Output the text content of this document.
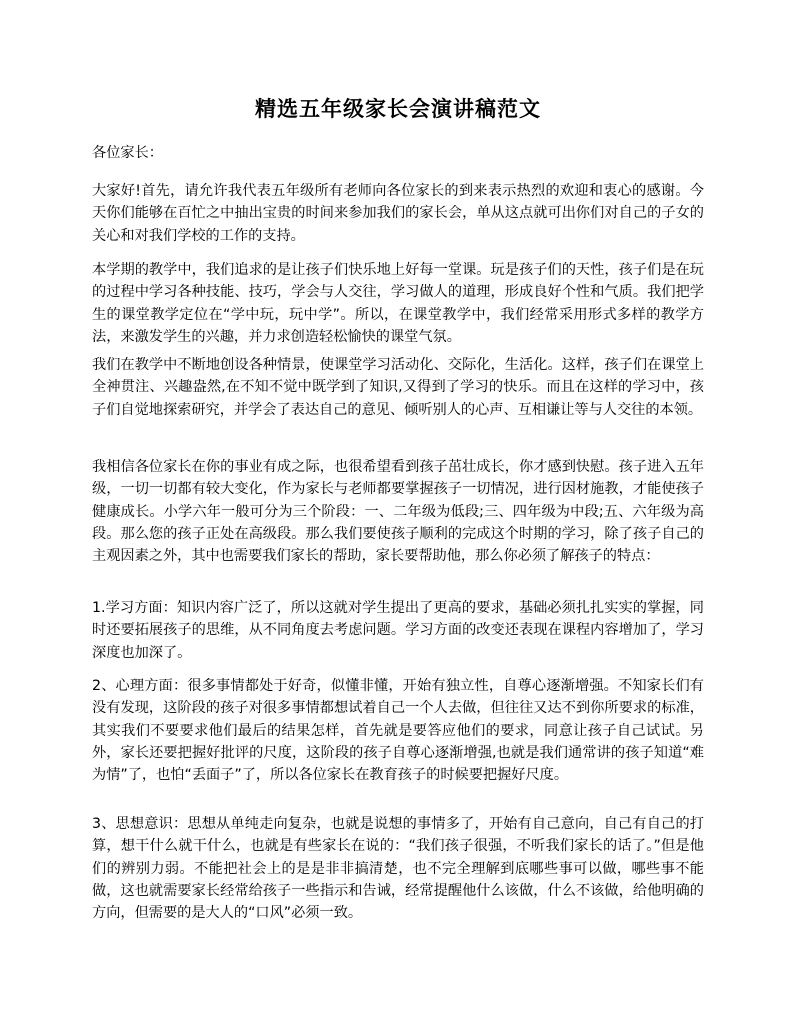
精选五年级家长会演讲稿范文

各位家长：

大家好!首先，请允许我代表五年级所有老师向各位家长的到来表示热烈的欢迎和衷心的感谢。今天你们能够在百忙之中抽出宝贵的时间来参加我们的家长会，单从这点就可出你们对自己的子女的关心和对我们学校的工作的支持。

本学期的教学中，我们追求的是让孩子们快乐地上好每一堂课。玩是孩子们的天性，孩子们是在玩的过程中学习各种技能、技巧，学会与人交往，学习做人的道理，形成良好个性和气质。我们把学生的课堂教学定位在“学中玩，玩中学”。所以，在课堂教学中，我们经常采用形式多样的教学方法，来激发学生的兴趣，并力求创造轻松愉快的课堂气氛。

我们在教学中不断地创设各种情景，使课堂学习活动化、交际化，生活化。这样，孩子们在课堂上全神贯注、兴趣盎然,在不知不觉中既学到了知识,又得到了学习的快乐。而且在这样的学习中，孩子们自觉地探索研究，并学会了表达自己的意见、倾听别人的心声、互相谦让等与人交往的本领。

我相信各位家长在你的事业有成之际，也很希望看到孩子茁壮成长，你才感到快慰。孩子进入五年级，一切一切都有较大变化，作为家长与老师都要掌握孩子一切情况，进行因材施教，才能使孩子健康成长。小学六年一般可分为三个阶段：一、二年级为低段;三、四年级为中段;五、六年级为高段。那么您的孩子正处在高级段。那么我们要使孩子顺利的完成这个时期的学习，除了孩子自己的主观因素之外，其中也需要我们家长的帮助，家长要帮助他，那么你必须了解孩子的特点：

1.学习方面：知识内容广泛了，所以这就对学生提出了更高的要求，基础必须扎扎实实的掌握，同时还要拓展孩子的思维，从不同角度去考虑问题。学习方面的改变还表现在课程内容增加了，学习深度也加深了。

2、心理方面：很多事情都处于好奇，似懂非懂，开始有独立性，自尊心逐渐增强。不知家长们有没有发现，这阶段的孩子对很多事情都想试着自己一个人去做，但往往又达不到你所要求的标准，其实我们不要要求他们最后的结果怎样，首先就是要答应他们的要求，同意让孩子自己试试。另外，家长还要把握好批评的尺度，这阶段的孩子自尊心逐渐增强,也就是我们通常讲的孩子知道“难为情”了，也怕“丢面子”了，所以各位家长在教育孩子的时候要把握好尺度。

3、思想意识：思想从单纯走向复杂，也就是说想的事情多了，开始有自己意向，自己有自己的打算，想干什么就干什么，也就是有些家长在说的：“我们孩子很强，不听我们家长的话了。”但是他们的辨别力弱。不能把社会上的是是非非搞清楚，也不完全理解到底哪些事可以做，哪些事不能做，这也就需要家长经常给孩子一些指示和告诫，经常提醒他什么该做，什么不该做，给他明确的方向，但需要的是大人的“口风”必须一致。
